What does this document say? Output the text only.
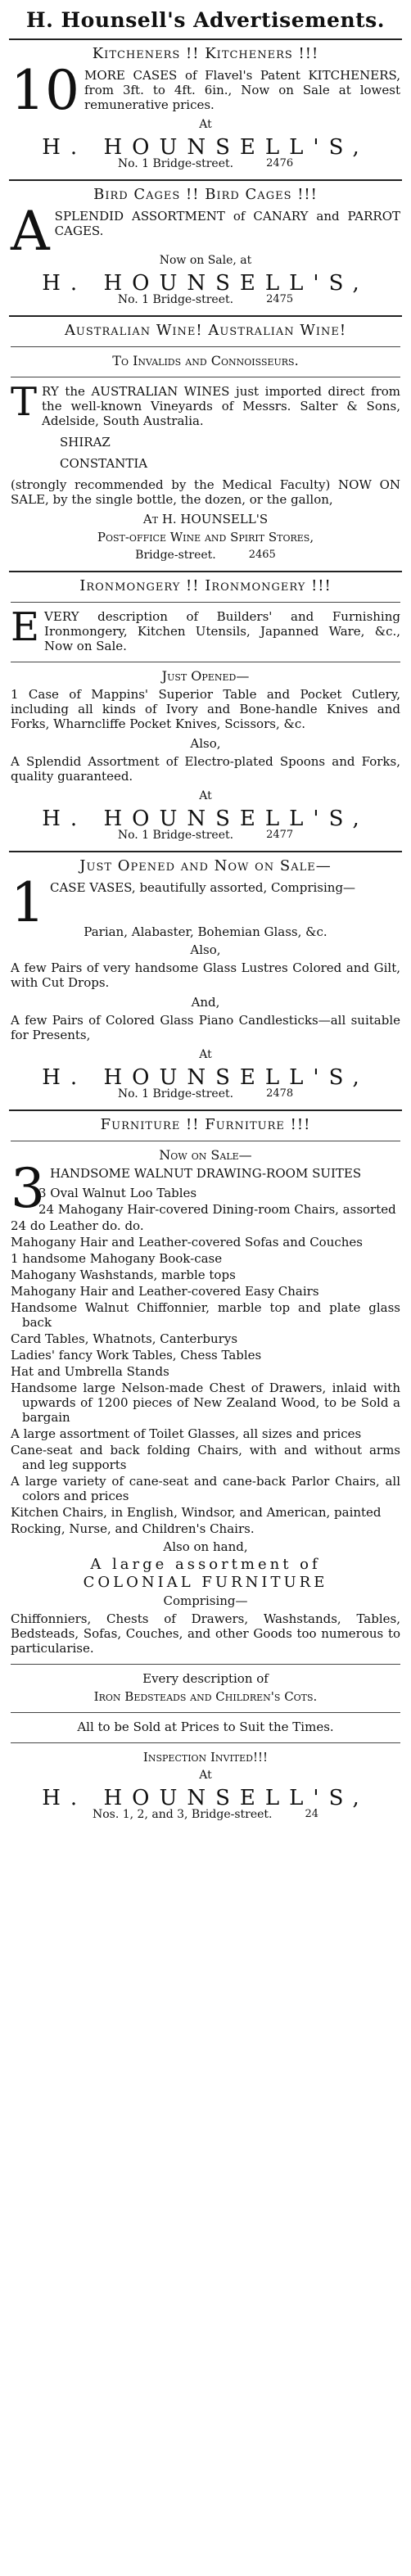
H. Hounsell's Advertisements.
Kitcheners !! Kitcheners !!!
10 MORE CASES of Flavel's Patent KITCHENERS, from 3ft. to 4ft. 6in., Now on Sale at lowest remunerative prices.
At
H. HOUNSELL'S,
No. 1 Bridge-street.	2476
Bird Cages !! Bird Cages !!!
A SPLENDID ASSORTMENT of CANARY and PARROT CAGES.
Now on Sale, at
H. HOUNSELL'S,
No. 1 Bridge-street.	2475
Australian Wine! Australian Wine!
To Invalids and Connoisseurs.
T RY the AUSTRALIAN WINES just imported direct from the well-known Vineyards of Messrs. Salter & Sons, Adelside, South Australia.
SHIRAZ
CONSTANTIA
(strongly recommended by the Medical Faculty) NOW ON SALE, by the single bottle, the dozen, or the gallon,
At H. HOUNSELL'S
Post-office Wine and Spirit Stores,
Bridge-street.	2465
Ironmongery !! Ironmongery !!!
E VERY description of Builders' and Furnishing Ironmongery, Kitchen Utensils, Japanned Ware, &c., Now on Sale.
Just Opened—
1 Case of Mappins' Superior Table and Pocket Cutlery, including all kinds of Ivory and Bone-handle Knives and Forks, Wharncliffe Pocket Knives, Scissors, &c.
Also,
A Splendid Assortment of Electro-plated Spoons and Forks, quality guaranteed.
At
H. HOUNSELL'S,
No. 1 Bridge-street.	2477
Just Opened and Now on Sale—
1 CASE VASES, beautifully assorted, Comprising—
Parian, Alabaster, Bohemian Glass, &c.
Also,
A few Pairs of very handsome Glass Lustres Colored and Gilt, with Cut Drops.
And,
A few Pairs of Colored Glass Piano Candlesticks—all suitable for Presents,
At
H. HOUNSELL'S,
No. 1 Bridge-street.	2478
Furniture !! Furniture !!!
Now on Sale—
3 HANDSOME WALNUT DRAWING-ROOM SUITES
3 Oval Walnut Loo Tables
24 Mahogany Hair-covered Dining-room Chairs, assorted
24 do Leather do. do.
Mahogany Hair and Leather-covered Sofas and Couches
1 handsome Mahogany Book-case
Mahogany Washstands, marble tops
Mahogany Hair and Leather-covered Easy Chairs
Handsome Walnut Chiffonnier, marble top and plate glass back
Card Tables, Whatnots, Canterburys
Ladies' fancy Work Tables, Chess Tables
Hat and Umbrella Stands
Handsome large Nelson-made Chest of Drawers, inlaid with upwards of 1200 pieces of New Zealand Wood, to be Sold a bargain
A large assortment of Toilet Glasses, all sizes and prices
Cane-seat and back folding Chairs, with and without arms and leg supports
A large variety of cane-seat and cane-back Parlor Chairs, all colors and prices
Kitchen Chairs, in English, Windsor, and American, painted
Rocking, Nurse, and Children's Chairs.
Also on hand,
A large assortment of
COLONIAL FURNITURE
Comprising—
Chiffonniers, Chests of Drawers, Washstands, Tables, Bedsteads, Sofas, Couches, and other Goods too numerous to particularise.
Every description of
Iron Bedsteads and Children's Cots.
All to be Sold at Prices to Suit the Times.
Inspection Invited!!!
At
H. HOUNSELL'S,
Nos. 1, 2, and 3, Bridge-street.	24
